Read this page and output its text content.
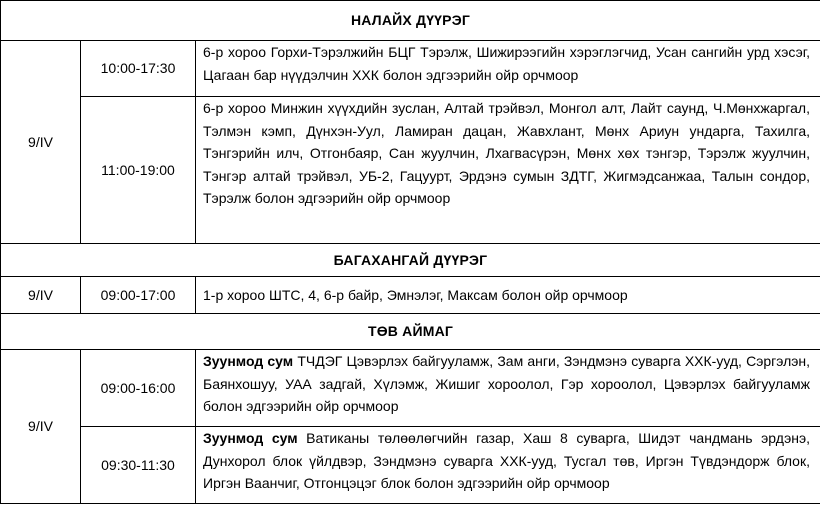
НАЛАЙХ ДҮҮРЭГ		
9/IV	10:00-17:30	6-р хороо Горхи-Тэрэлжийн БЦГ Тэрэлж, Шижирээгийн хэрэглэгчид, Усан сангийн урд хэсэг, Цагаан бар нүүдэлчин ХХК болон эдгээрийн ойр орчмоор
	11:00-19:00	6-р хороо Минжин хүүхдийн зуслан, Алтай трэйвэл, Монгол алт, Лайт саунд, Ч.Мөнхжаргал, Тэлмэн кэмп, Дүнхэн-Уул, Ламиран дацан, Жавхлант, Мөнх Ариун ундарга, Тахилга, Тэнгэрийн илч, Отгонбаяр, Сан жуулчин, Лхагвасүрэн, Мөнх хөх тэнгэр, Тэрэлж жуулчин, Тэнгэр алтай трэйвэл, УБ-2, Гацуурт, Эрдэнэ сумын ЗДТГ, Жигмэдсанжаа, Талын сондор, Тэрэлж болон эдгээрийн ойр орчмоор
БАГАХАНГАЙ ДҮҮРЭГ		
9/IV	09:00-17:00	1-р хороо ШТС, 4, 6-р байр, Эмнэлэг, Максам болон ойр орчмоор
ТӨВ АЙМАГ		
9/IV	09:00-16:00	Зуунмод сум ТЧДЭГ Цэвэрлэх байгууламж, Зам анги, Зэндмэнэ суварга ХХК-ууд, Сэргэлэн, Баянхошуу, УАА задгай, Хүлэмж, Жишиг хороолол, Гэр хороолол, Цэвэрлэх байгууламж болон эдгээрийн ойр орчмоор
	09:30-11:30	Зуунмод сум Ватиканы төлөөлөгчийн газар, Хаш 8 суварга, Шидэт чандмань эрдэнэ, Дунхорол блок үйлдвэр, Зэндмэнэ суварга ХХК-ууд, Тусгал төв, Иргэн Түвдэндорж блок, Иргэн Ваанчиг, Отгонцэцэг блок болон эдгээрийн ойр орчмоор
